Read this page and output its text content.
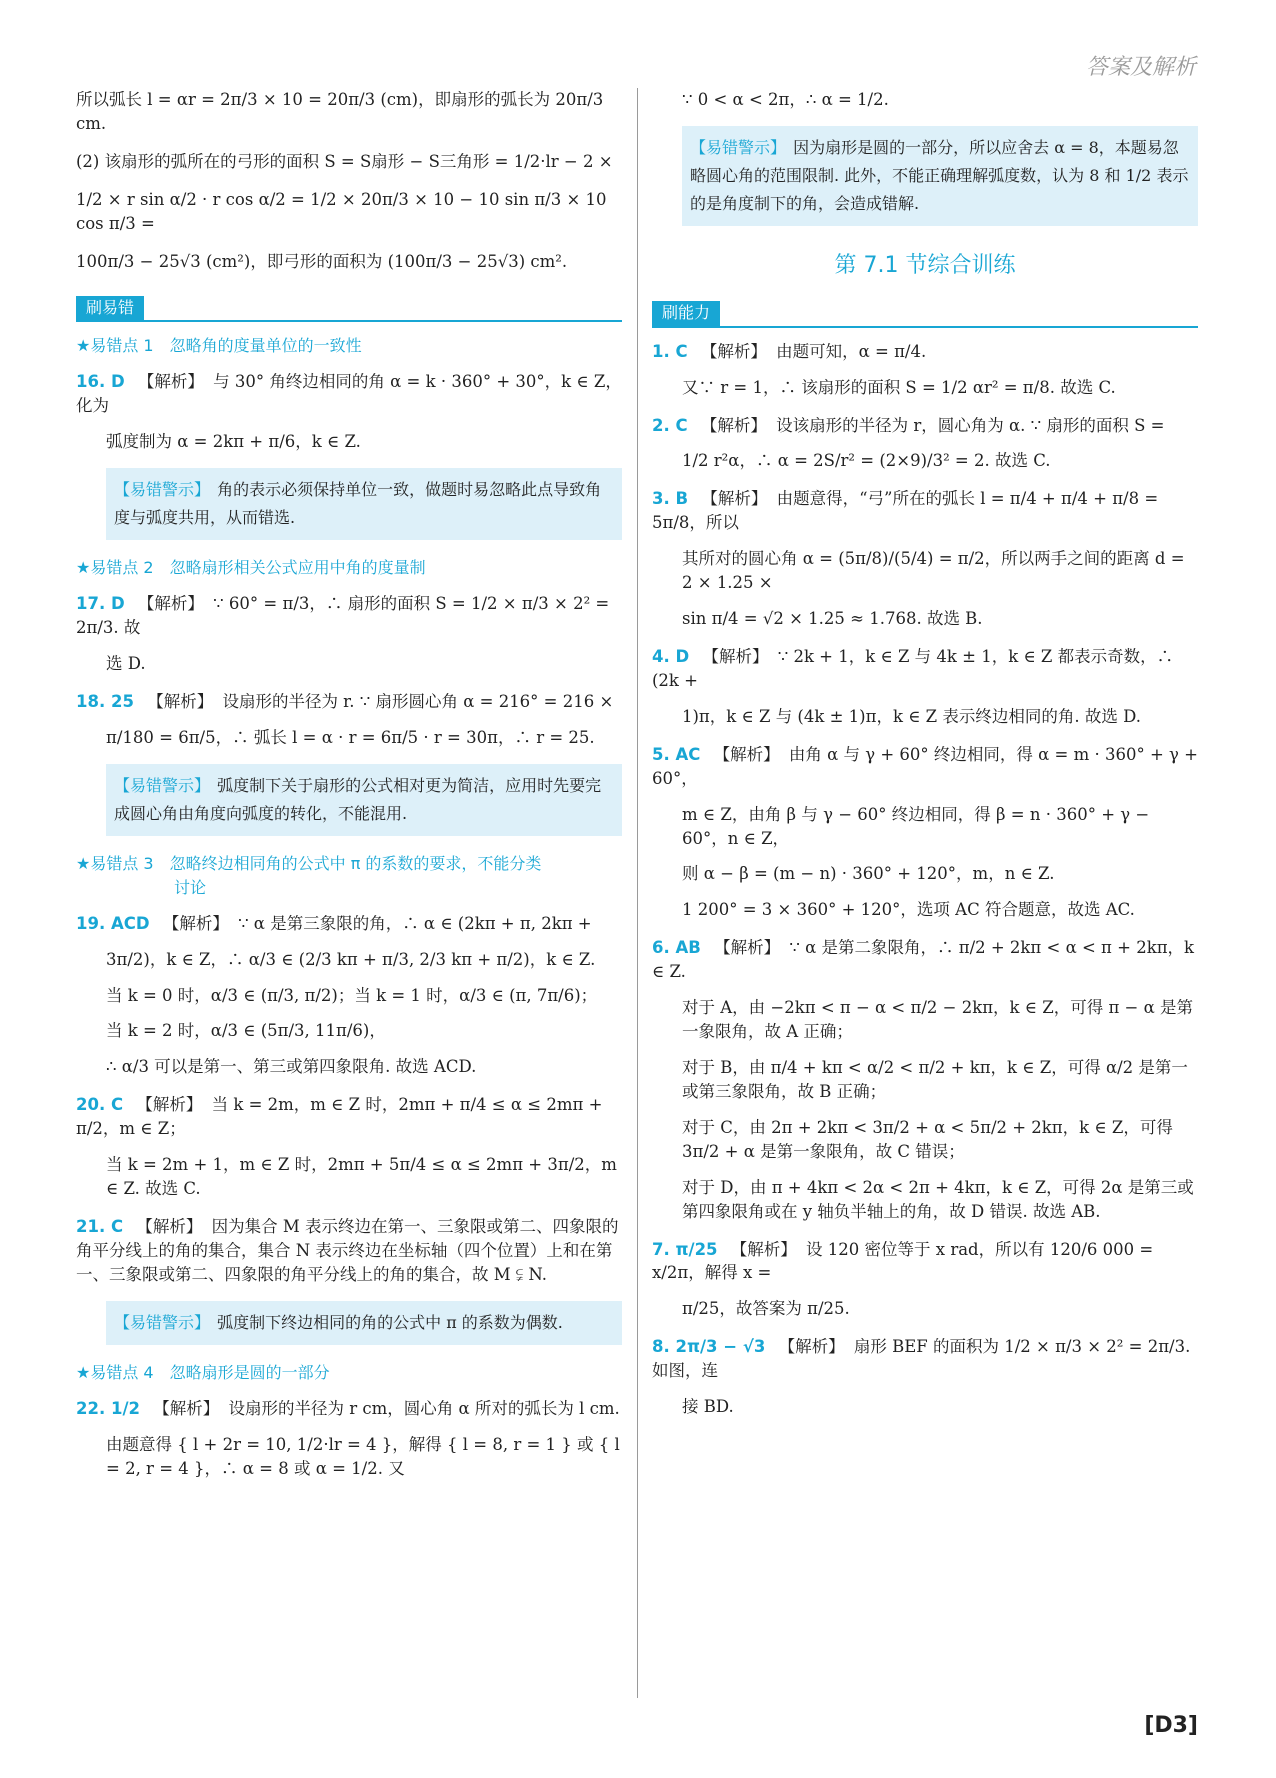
答案及解析
所以弧长 l = αr = 2π/3 × 10 = 20π/3 (cm)，即扇形的弧长为 20π/3 cm.
(2) 该扇形的弧所在的弓形的面积 S = S扇形 − S三角形 = 1/2·lr − 2 ×
1/2 × r sin α/2 · r cos α/2 = 1/2 × 20π/3 × 10 − 10 sin π/3 × 10 cos π/3 =
100π/3 − 25√3 (cm²)，即弓形的面积为 (100π/3 − 25√3) cm².
刷易错
★易错点 1　忽略角的度量单位的一致性
16. D 【解析】 与 30° 角终边相同的角 α = k · 360° + 30°，k ∈ Z，化为
弧度制为 α = 2kπ + π/6，k ∈ Z.
【易错警示】 角的表示必须保持单位一致，做题时易忽略此点导致角度与弧度共用，从而错选.
★易错点 2　忽略扇形相关公式应用中角的度量制
17. D 【解析】 ∵ 60° = π/3，∴ 扇形的面积 S = 1/2 × π/3 × 2² = 2π/3. 故
选 D.
18. 25 【解析】 设扇形的半径为 r. ∵ 扇形圆心角 α = 216° = 216 ×
π/180 = 6π/5，∴ 弧长 l = α · r = 6π/5 · r = 30π，∴ r = 25.
【易错警示】 弧度制下关于扇形的公式相对更为简洁，应用时先要完成圆心角由角度向弧度的转化，不能混用.
★易错点 3　忽略终边相同角的公式中 π 的系数的要求，不能分类
讨论
19. ACD 【解析】 ∵ α 是第三象限的角，∴ α ∈ (2kπ + π, 2kπ +
3π/2)，k ∈ Z，∴ α/3 ∈ (2/3 kπ + π/3, 2/3 kπ + π/2)，k ∈ Z.
当 k = 0 时，α/3 ∈ (π/3, π/2)；当 k = 1 时，α/3 ∈ (π, 7π/6)；
当 k = 2 时，α/3 ∈ (5π/3, 11π/6)，
∴ α/3 可以是第一、第三或第四象限角. 故选 ACD.
20. C 【解析】 当 k = 2m，m ∈ Z 时，2mπ + π/4 ≤ α ≤ 2mπ + π/2，m ∈ Z；
当 k = 2m + 1，m ∈ Z 时，2mπ + 5π/4 ≤ α ≤ 2mπ + 3π/2，m ∈ Z. 故选 C.
21. C 【解析】 因为集合 M 表示终边在第一、三象限或第二、四象限的角平分线上的角的集合，集合 N 表示终边在坐标轴（四个位置）上和在第一、三象限或第二、四象限的角平分线上的角的集合，故 M ⫋ N.
【易错警示】 弧度制下终边相同的角的公式中 π 的系数为偶数.
★易错点 4　忽略扇形是圆的一部分
22. 1/2 【解析】 设扇形的半径为 r cm，圆心角 α 所对的弧长为 l cm.
由题意得 { l + 2r = 10, 1/2·lr = 4 }，解得 { l = 8, r = 1 } 或 { l = 2, r = 4 }，∴ α = 8 或 α = 1/2. 又
∵ 0 < α < 2π，∴ α = 1/2.
【易错警示】 因为扇形是圆的一部分，所以应舍去 α = 8，本题易忽略圆心角的范围限制. 此外，不能正确理解弧度数，认为 8 和 1/2 表示的是角度制下的角，会造成错解.
第 7.1 节综合训练
刷能力
1. C 【解析】 由题可知，α = π/4.
又∵ r = 1，∴ 该扇形的面积 S = 1/2 αr² = π/8. 故选 C.
2. C 【解析】 设该扇形的半径为 r，圆心角为 α. ∵ 扇形的面积 S =
1/2 r²α，∴ α = 2S/r² = (2×9)/3² = 2. 故选 C.
3. B 【解析】 由题意得，“弓”所在的弧长 l = π/4 + π/4 + π/8 = 5π/8，所以
其所对的圆心角 α = (5π/8)/(5/4) = π/2，所以两手之间的距离 d = 2 × 1.25 ×
sin π/4 = √2 × 1.25 ≈ 1.768. 故选 B.
4. D 【解析】 ∵ 2k + 1，k ∈ Z 与 4k ± 1，k ∈ Z 都表示奇数，∴ (2k +
1)π，k ∈ Z 与 (4k ± 1)π，k ∈ Z 表示终边相同的角. 故选 D.
5. AC 【解析】 由角 α 与 γ + 60° 终边相同，得 α = m · 360° + γ + 60°，
m ∈ Z，由角 β 与 γ − 60° 终边相同，得 β = n · 360° + γ − 60°，n ∈ Z，
则 α − β = (m − n) · 360° + 120°，m，n ∈ Z.
1 200° = 3 × 360° + 120°，选项 AC 符合题意，故选 AC.
6. AB 【解析】 ∵ α 是第二象限角，∴ π/2 + 2kπ < α < π + 2kπ，k ∈ Z.
对于 A，由 −2kπ < π − α < π/2 − 2kπ，k ∈ Z，可得 π − α 是第一象限角，故 A 正确；
对于 B，由 π/4 + kπ < α/2 < π/2 + kπ，k ∈ Z，可得 α/2 是第一或第三象限角，故 B 正确；
对于 C，由 2π + 2kπ < 3π/2 + α < 5π/2 + 2kπ，k ∈ Z，可得 3π/2 + α 是第一象限角，故 C 错误；
对于 D，由 π + 4kπ < 2α < 2π + 4kπ，k ∈ Z，可得 2α 是第三或第四象限角或在 y 轴负半轴上的角，故 D 错误. 故选 AB.
7. π/25 【解析】 设 120 密位等于 x rad，所以有 120/6 000 = x/2π，解得 x =
π/25，故答案为 π/25.
8. 2π/3 − √3 【解析】 扇形 BEF 的面积为 1/2 × π/3 × 2² = 2π/3. 如图，连
接 BD.
[D3]
